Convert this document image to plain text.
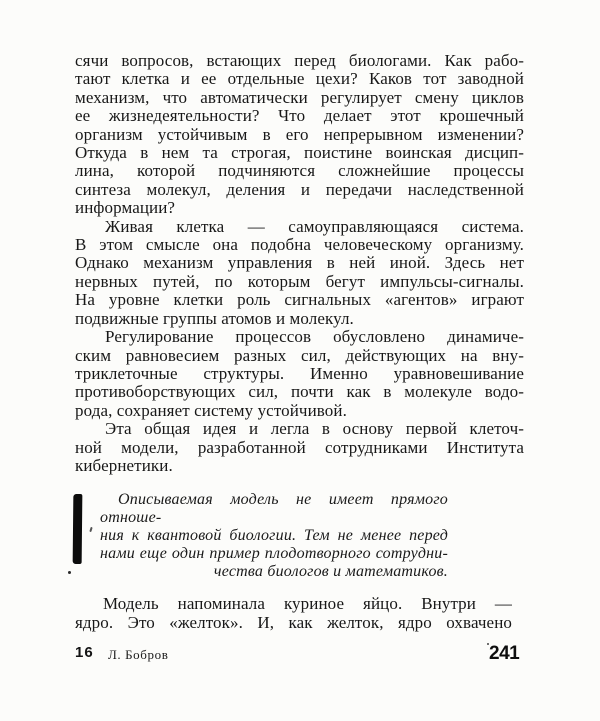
сячи вопросов, встающих перед биологами. Как рабо-
тают клетка и ее отдельные цехи? Каков тот заводной
механизм, что автоматически регулирует смену циклов
ее жизнедеятельности? Что делает этот крошечный
организм устойчивым в его непрерывном изменении?
Откуда в нем та строгая, поистине воинская дисцип-
лина, которой подчиняются сложнейшие процессы
синтеза молекул, деления и передачи наследственной
информации?
Живая клетка — самоуправляющаяся система.
В этом смысле она подобна человеческому организму.
Однако механизм управления в ней иной. Здесь нет
нервных путей, по которым бегут импульсы-сигналы.
На уровне клетки роль сигнальных «агентов» играют
подвижные группы атомов и молекул.
Регулирование процессов обусловлено динамиче-
ским равновесием разных сил, действующих на вну-
триклеточные структуры. Именно уравновешивание
противоборствующих сил, почти как в молекуле водо-
рода, сохраняет систему устойчивой.
Эта общая идея и легла в основу первой клеточ-
ной модели, разработанной сотрудниками Института
кибернетики.
Описываемая модель не имеет прямого отноше-
ния к квантовой биологии. Тем не менее перед
нами еще один пример плодотворного сотрудни-
чества биологов и математиков.
Модель напоминала куриное яйцо. Внутри —
ядро. Это «желток». И, как желток, ядро охвачено
16 Л. Бобров	241
